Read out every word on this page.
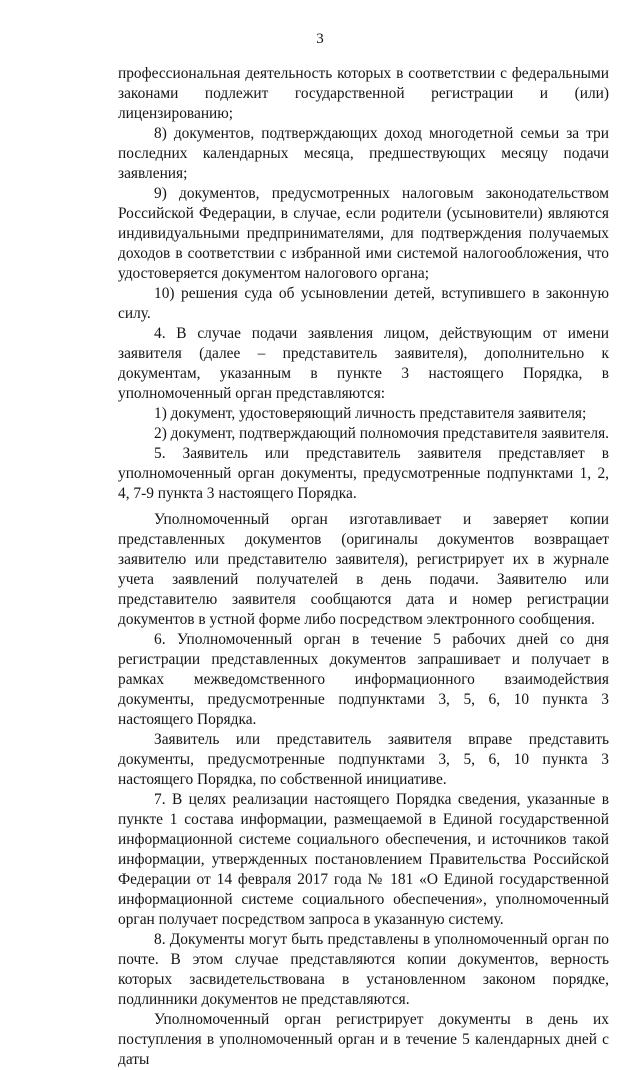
3

профессиональная деятельность которых в соответствии с федеральными законами подлежит государственной регистрации и (или) лицензированию;

8) документов, подтверждающих доход многодетной семьи за три последних календарных месяца, предшествующих месяцу подачи заявления;

9) документов, предусмотренных налоговым законодательством Российской Федерации, в случае, если родители (усыновители) являются индивидуальными предпринимателями, для подтверждения получаемых доходов в соответствии с избранной ими системой налогообложения, что удостоверяется документом налогового органа;

10) решения суда об усыновлении детей, вступившего в законную силу.

4. В случае подачи заявления лицом, действующим от имени заявителя (далее – представитель заявителя), дополнительно к документам, указанным в пункте 3 настоящего Порядка, в уполномоченный орган представляются:

1) документ, удостоверяющий личность представителя заявителя;

2) документ, подтверждающий полномочия представителя заявителя.

5. Заявитель или представитель заявителя представляет в уполномоченный орган документы, предусмотренные подпунктами 1, 2, 4, 7-9 пункта 3 настоящего Порядка.

Уполномоченный орган изготавливает и заверяет копии представленных документов (оригиналы документов возвращает заявителю или представителю заявителя), регистрирует их в журнале учета заявлений получателей в день подачи. Заявителю или представителю заявителя сообщаются дата и номер регистрации документов в устной форме либо посредством электронного сообщения.

6. Уполномоченный орган в течение 5 рабочих дней со дня регистрации представленных документов запрашивает и получает в рамках межведомственного информационного взаимодействия документы, предусмотренные подпунктами 3, 5, 6, 10 пункта 3 настоящего Порядка.

Заявитель или представитель заявителя вправе представить документы, предусмотренные подпунктами 3, 5, 6, 10 пункта 3 настоящего Порядка, по собственной инициативе.

7. В целях реализации настоящего Порядка сведения, указанные в пункте 1 состава информации, размещаемой в Единой государственной информационной системе социального обеспечения, и источников такой информации, утвержденных постановлением Правительства Российской Федерации от 14 февраля 2017 года № 181 «О Единой государственной информационной системе социального обеспечения», уполномоченный орган получает посредством запроса в указанную систему.

8. Документы могут быть представлены в уполномоченный орган по почте. В этом случае представляются копии документов, верность которых засвидетельствована в установленном законом порядке, подлинники документов не представляются.

Уполномоченный орган регистрирует документы в день их поступления в уполномоченный орган и в течение 5 календарных дней с даты
